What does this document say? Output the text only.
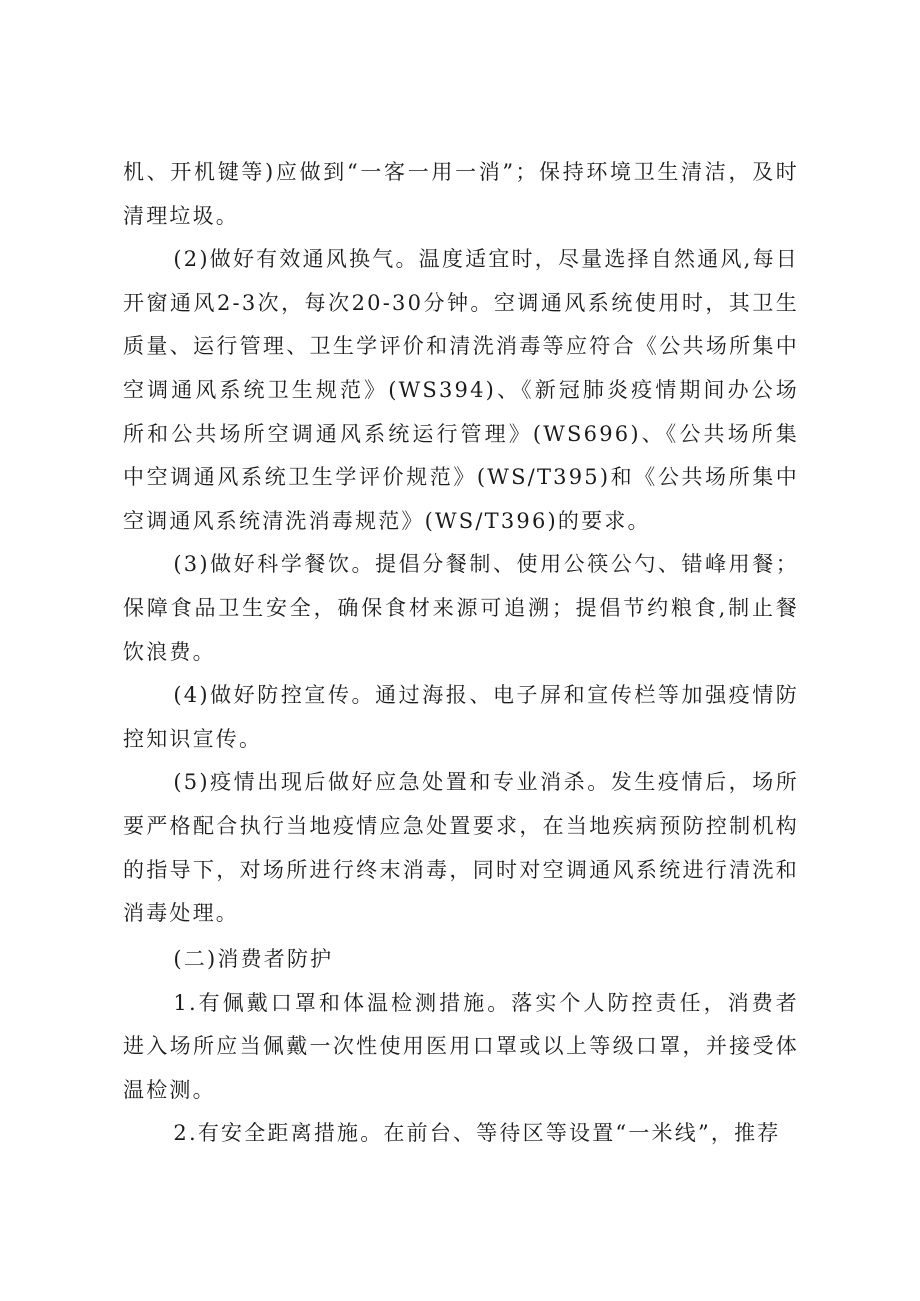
机、开机键等)应做到“一客一用一消”；保持环境卫生清洁，及时清理垃圾。

(2)做好有效通风换气。温度适宜时，尽量选择自然通风,每日开窗通风2-3次，每次20-30分钟。空调通风系统使用时，其卫生质量、运行管理、卫生学评价和清洗消毒等应符合《公共场所集中空调通风系统卫生规范》(WS394)、《新冠肺炎疫情期间办公场所和公共场所空调通风系统运行管理》(WS696)、《公共场所集中空调通风系统卫生学评价规范》(WS/T395)和《公共场所集中空调通风系统清洗消毒规范》(WS/T396)的要求。

(3)做好科学餐饮。提倡分餐制、使用公筷公勺、错峰用餐；保障食品卫生安全，确保食材来源可追溯；提倡节约粮食,制止餐饮浪费。

(4)做好防控宣传。通过海报、电子屏和宣传栏等加强疫情防控知识宣传。

(5)疫情出现后做好应急处置和专业消杀。发生疫情后，场所要严格配合执行当地疫情应急处置要求，在当地疾病预防控制机构的指导下，对场所进行终末消毒，同时对空调通风系统进行清洗和消毒处理。

(二)消费者防护

1.有佩戴口罩和体温检测措施。落实个人防控责任，消费者进入场所应当佩戴一次性使用医用口罩或以上等级口罩，并接受体温检测。

2.有安全距离措施。在前台、等待区等设置“一米线”，推荐
